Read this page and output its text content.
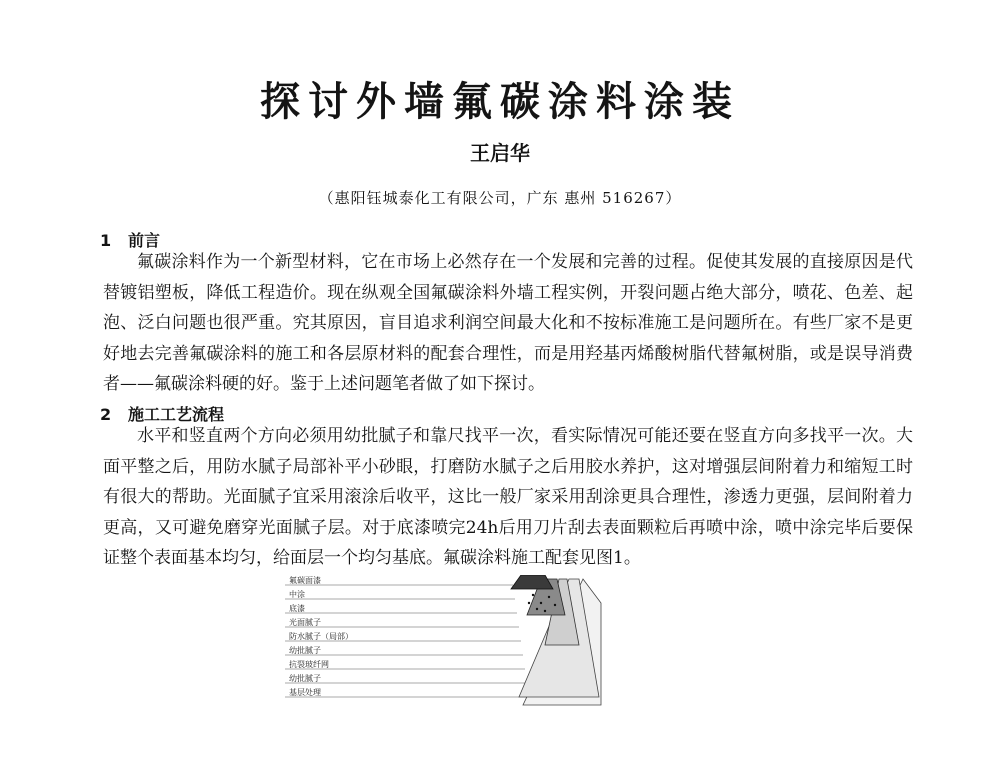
探讨外墙氟碳涂料涂装

王启华

（惠阳钰城泰化工有限公司，广东 惠州 516267）

1 前言

氟碳涂料作为一个新型材料，它在市场上必然存在一个发展和完善的过程。促使其发展的直接原因是代替镀铝塑板，降低工程造价。现在纵观全国氟碳涂料外墙工程实例，开裂问题占绝大部分，喷花、色差、起泡、泛白问题也很严重。究其原因，盲目追求利润空间最大化和不按标准施工是问题所在。有些厂家不是更好地去完善氟碳涂料的施工和各层原材料的配套合理性，而是用羟基丙烯酸树脂代替氟树脂，或是误导消费者——氟碳涂料硬的好。鉴于上述问题笔者做了如下探讨。

2 施工工艺流程

水平和竖直两个方向必须用幼批腻子和靠尺找平一次，看实际情况可能还要在竖直方向多找平一次。大面平整之后，用防水腻子局部补平小砂眼，打磨防水腻子之后用胶水养护，这对增强层间附着力和缩短工时有很大的帮助。光面腻子宜采用滚涂后收平，这比一般厂家采用刮涂更具合理性，渗透力更强，层间附着力更高，又可避免磨穿光面腻子层。对于底漆喷完24h后用刀片刮去表面颗粒后再喷中涂，喷中涂完毕后要保证整个表面基本均匀，给面层一个均匀基底。氟碳涂料施工配套见图1。

氟碳面漆
中涂
底漆
光面腻子
防水腻子（局部）
幼批腻子
抗裂玻纤网
幼批腻子
基层处理
